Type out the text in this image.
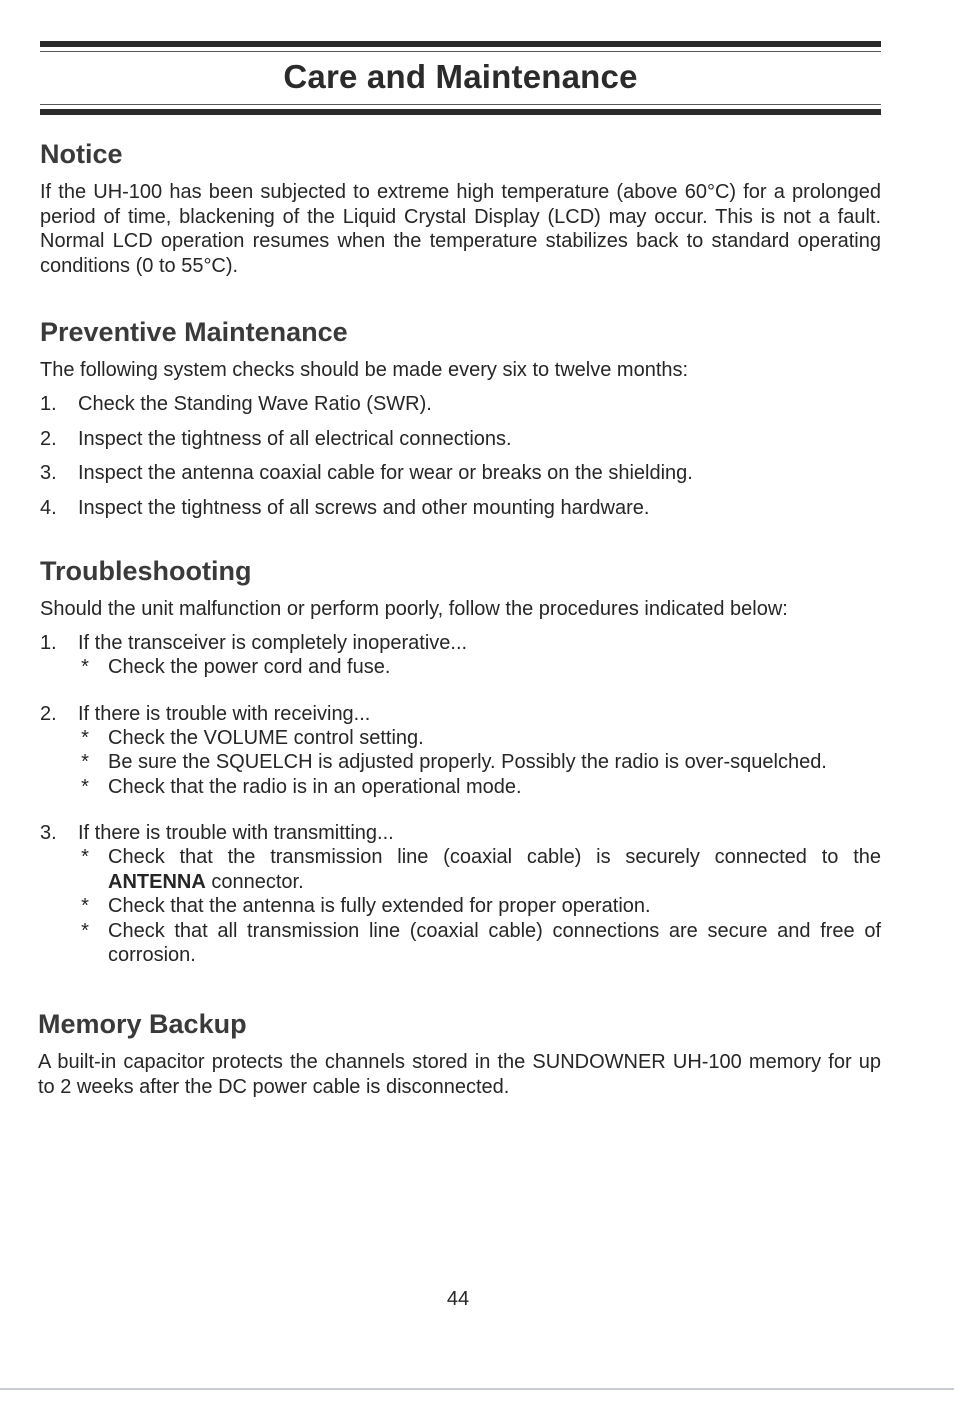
Care and Maintenance
Notice

If the UH-100 has been subjected to extreme high temperature (above 60°C) for a prolonged period of time, blackening of the Liquid Crystal Display (LCD) may occur. This is not a fault. Normal LCD operation resumes when the temperature stabilizes back to standard operating conditions (0 to 55°C).

Preventive Maintenance

The following system checks should be made every six to twelve months:

1. Check the Standing Wave Ratio (SWR).
2. Inspect the tightness of all electrical connections.
3. Inspect the antenna coaxial cable for wear or breaks on the shielding.
4. Inspect the tightness of all screws and other mounting hardware.
Troubleshooting

Should the unit malfunction or perform poorly, follow the procedures indicated below:

1. If the transceiver is completely inoperative...
* Check the power cord and fuse.
2. If there is trouble with receiving...
* Check the VOLUME control setting.
* Be sure the SQUELCH is adjusted properly. Possibly the radio is over-squelched.
* Check that the radio is in an operational mode.
3. If there is trouble with transmitting...
* Check that the transmission line (coaxial cable) is securely connected to the ANTENNA connector.
* Check that the antenna is fully extended for proper operation.
* Check that all transmission line (coaxial cable) connections are secure and free of corrosion.
Memory Backup

A built-in capacitor protects the channels stored in the SUNDOWNER UH-100 memory for up to 2 weeks after the DC power cable is disconnected.

44
